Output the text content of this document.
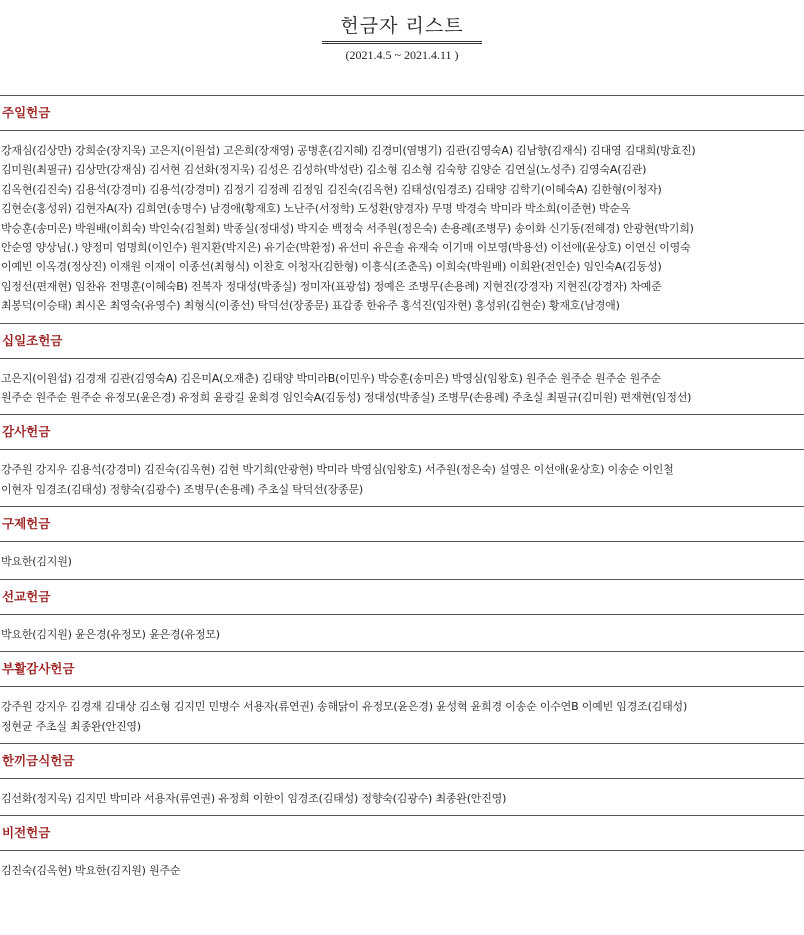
헌금자 리스트
(2021.4.5 ~ 2021.4.11 )
주일헌금
강재심(김상만) 강희순(장지욱) 고은지(이원섭) 고은희(장재영) 공병훈(김지혜) 김경미(염병기) 김관(김영숙A) 김남향(김재식) 김대영 김대희(방효진)
김미원(최필규) 김상만(강재심) 김서현 김선화(정지욱) 김성은 김성하(박성란) 김소형 김소형 김숙향 김양순 김연실(노성주) 김영숙A(김관)
김옥현(김진숙) 김용석(강경미) 김용석(강경미) 김정기 김정례 김정임 김진숙(김옥현) 김태성(임경조) 김태양 김학기(이혜숙A) 김한형(이청자)
김현순(홍성위) 김현자A(자) 김희연(송명수) 남경애(황재호) 노난주(서정학) 도성환(양경자) 무명 박경숙 박미라 박소희(이준현) 박순옥
박승훈(송미은) 박원배(이희숙) 박인숙(김철회) 박종실(정대성) 박지순 백정숙 서주원(정은숙) 손용례(조병무) 송이화 신기동(전혜경) 안광현(박기희)
안순영 양상님(.) 양정미 엄명희(이인수) 원지환(박지은) 유기순(박환정) 유선미 유은솔 유재숙 이기매 이보영(박용선) 이선애(윤상호) 이연신 이영숙
이예빈 이옥경(정상진) 이재원 이재이 이종선(최형식) 이찬호 이청자(김한형) 이흥식(조춘옥) 이희숙(박원배) 이희완(전인순) 임인숙A(김동성)
임정선(편재현) 임찬유 전명훈(이혜숙B) 전복자 정대성(박종실) 정미자(표광섭) 정예은 조병무(손용례) 지현진(강경자) 지현진(강경자) 차예준
최봉덕(이승태) 최시온 최영숙(유영수) 최형식(이종선) 탁덕선(장종문) 표갑종 한유주 홍석진(임자현) 홍성위(김현순) 황재호(남경애)
십일조헌금
고은지(이원섭) 김경재 김관(김영숙A) 김은미A(오재춘) 김태양 박미라B(이민우) 박승훈(송미은) 박영심(임왕호) 원주순 원주순 원주순 원주순
원주순 원주순 원주순 유정모(윤은경) 유정희 윤광길 윤희경 임인숙A(김동성) 정대성(박종실) 조병무(손용례) 주초실 최필규(김미원) 편재현(임정선)
감사헌금
강주원 강지우 김용석(강경미) 김진숙(김옥현) 김현 박기희(안광현) 박미라 박영심(임왕호) 서주원(정은숙) 설영은 이선애(윤상호) 이송순 이인철
이현자 임경조(김태성) 정향숙(김광수) 조병무(손용례) 주초실 탁덕선(장종문)
구제헌금
박요한(김지원)
선교헌금
박요한(김지원) 윤은경(유정모) 윤은경(유정모)
부활감사헌금
강주원 강지우 김경재 김대상 김소형 김지민 민병수 서용자(류연권) 송해닭이 유정모(윤은경) 윤성혁 윤희경 이송순 이수연B 이예빈 임경조(김태성)
정현균 주초실 최종완(안진영)
한끼금식헌금
김선화(정지욱) 김지민 박미라 서용자(류연권) 유정희 이한이 임경조(김태성) 정향숙(김광수) 최종완(안진영)
비전헌금
김진숙(김옥현) 박요한(김지원) 원주순
